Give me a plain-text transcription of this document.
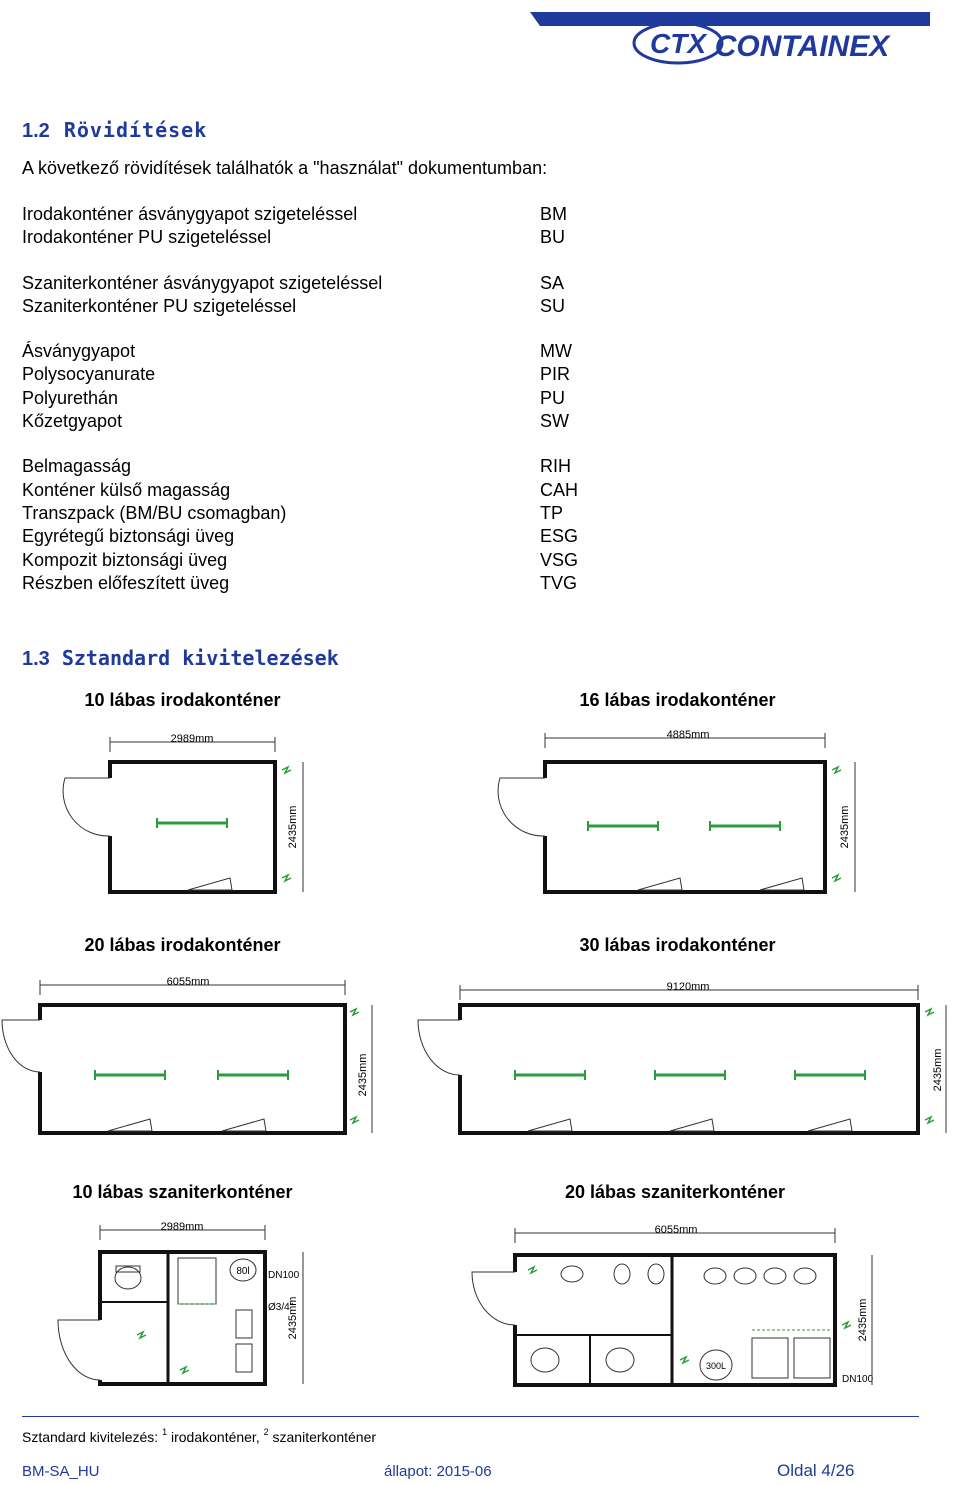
CTX CONTAINEX
1.2 Rövidítések
A következő rövidítések találhatók a "használat" dokumentumban:
Irodakonténer ásványgyapot szigeteléssel	BM
Irodakonténer PU szigeteléssel	BU
Szaniterkonténer ásványgyapot szigeteléssel	SA
Szaniterkonténer PU szigeteléssel	SU
Ásványgyapot	MW
Polysocyanurate	PIR
Polyurethán	PU
Kőzetgyapot	SW
Belmagasság	RIH
Konténer külső magasság	CAH
Transzpack (BM/BU csomagban)	TP
Egyrétegű biztonsági üveg	ESG
Kompozit biztonsági üveg	VSG
Részben előfeszített üveg	TVG
1.3 Sztandard kivitelezések
10 lábas irodakonténer	16 lábas irodakonténer
20 lábas irodakonténer	30 lábas irodakonténer
10 lábas szaniterkonténer	20 lábas szaniterkonténer
2989mm
2435mm
4885mm
2435mm
6055mm
2435mm
9120mm
2435mm
2989mm
80l DN100
Ø3/4"
2435mm
6055mm
300L
DN100
2435mm
Sztandard kivitelezés: $^1$ irodakonténer, $^2$ szaniterkonténer
BM-SA_HU	állapot: 2015-06	Oldal 4/26
